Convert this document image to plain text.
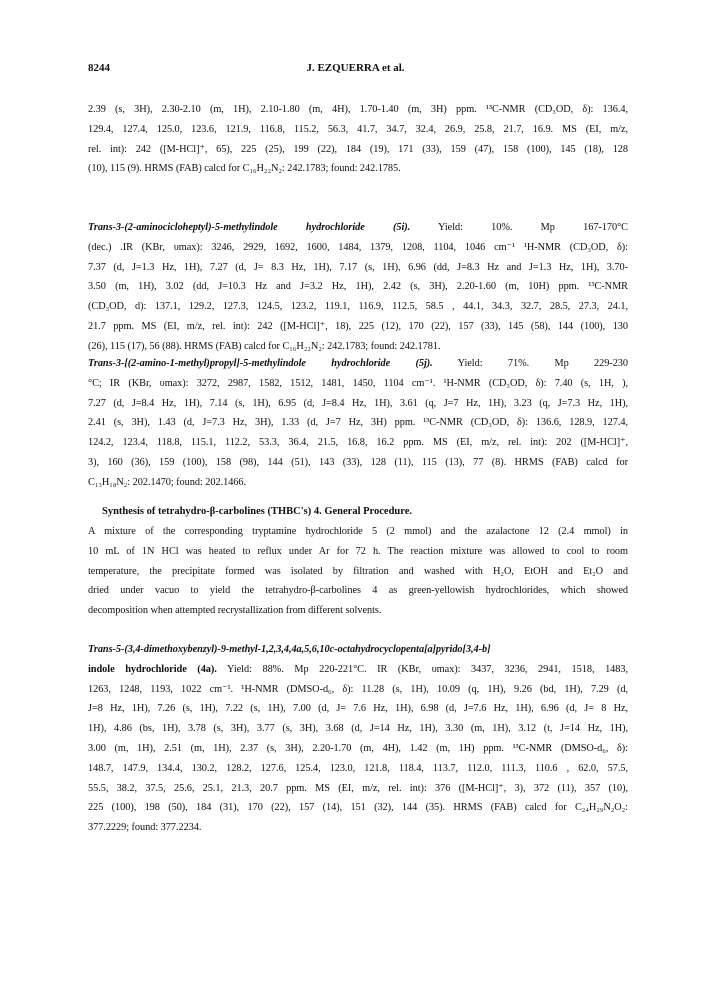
8244	J. EZQUERRA et al.
2.39 (s, 3H), 2.30-2.10 (m, 1H), 2.10-1.80 (m, 4H), 1.70-1.40 (m, 3H) ppm. ¹³C-NMR (CD₃OD, δ): 136.4,
129.4, 127.4, 125.0, 123.6, 121.9, 116.8, 115.2, 56.3, 41.7, 34.7, 32.4, 26.9, 25.8, 21.7, 16.9. MS (EI, m/z,
rel. int): 242 ([M-HCl]⁺, 65), 225 (25), 199 (22), 184 (19), 171 (33), 159 (47), 158 (100), 145 (18), 128
(10), 115 (9). HRMS (FAB) calcd for C₁₆H₂₂N₂: 242.1783; found: 242.1785.
Trans-3-(2-aminocicloheptyl)-5-methylindole hydrochloride (5i). Yield: 10%. Mp 167-170°C
(dec.) .IR (KBr, υmax): 3246, 2929, 1692, 1600, 1484, 1379, 1208, 1104, 1046 cm⁻¹ ¹H-NMR (CD₃OD, δ):
7.37 (d, J=1.3 Hz, 1H), 7.27 (d, J= 8.3 Hz, 1H), 7.17 (s, 1H), 6.96 (dd, J=8.3 Hz and J=1.3 Hz, 1H), 3.70-
3.50 (m, 1H), 3.02 (dd, J=10.3 Hz and J=3.2 Hz, 1H), 2.42 (s, 3H), 2.20-1.60 (m, 10H) ppm. ¹³C-NMR
(CD₃OD, d): 137.1, 129.2, 127.3, 124.5, 123.2, 119.1, 116.9, 112.5, 58.5 , 44.1, 34.3, 32.7, 28.5, 27.3, 24.1,
21.7 ppm. MS (EI, m/z, rel. int): 242 ([M-HCl]⁺, 18), 225 (12), 170 (22), 157 (33), 145 (58), 144 (100), 130
(26), 115 (17), 56 (88). HRMS (FAB) calcd for C₁₆H₂₂N₂: 242.1783; found: 242.1781.
Trans-3-[(2-amino-1-methyl)propyl]-5-methylindole hydrochloride (5j). Yield: 71%. Mp 229-230
°C; IR (KBr, υmax): 3272, 2987, 1582, 1512, 1481, 1450, 1104 cm⁻¹. ¹H-NMR (CD₃OD, δ): 7.40 (s, 1H, ),
7.27 (d, J=8.4 Hz, 1H), 7.14 (s, 1H), 6.95 (d, J=8.4 Hz, 1H), 3.61 (q, J=7 Hz, 1H), 3.23 (q, J=7.3 Hz, 1H),
2.41 (s, 3H), 1.43 (d, J=7.3 Hz, 3H), 1.33 (d, J=7 Hz, 3H) ppm. ¹³C-NMR (CD₃OD, δ): 136.6, 128.9, 127.4,
124.2, 123.4, 118.8, 115.1, 112.2, 53.3, 36.4, 21.5, 16.8, 16.2 ppm. MS (EI, m/z, rel. int): 202 ([M-HCl]⁺,
3), 160 (36), 159 (100), 158 (98), 144 (51), 143 (33), 128 (11), 115 (13), 77 (8). HRMS (FAB) calcd for
C₁₃H₁₈N₂: 202.1470; found: 202.1466.
Synthesis of tetrahydro-β-carbolines (THBC's) 4. General Procedure.
A mixture of the corresponding tryptamine hydrochloride 5 (2 mmol) and the azalactone 12 (2.4 mmol) in
10 mL of 1N HCl was heated to reflux under Ar for 72 h. The reaction mixture was allowed to cool to room
temperature, the precipitate formed was isolated by filtration and washed with H₂O, EtOH and Et₂O and
dried under vacuo to yield the tetrahydro-β-carbolines 4 as green-yellowish hydrochlorides, which showed
decomposition when attempted recrystallization from different solvents.
Trans-5-(3,4-dimethoxybenzyl)-9-methyl-1,2,3,4,4a,5,6,10c-octahydrocyclopenta[a]pyrido[3,4-b]
indole hydrochloride (4a). Yield: 88%. Mp 220-221°C. IR (KBr, υmax): 3437, 3236, 2941, 1518, 1483,
1263, 1248, 1193, 1022 cm⁻¹. ¹H-NMR (DMSO-d₆, δ): 11.28 (s, 1H), 10.09 (q, 1H), 9.26 (bd, 1H), 7.29 (d,
J=8 Hz, 1H), 7.26 (s, 1H), 7.22 (s, 1H), 7.00 (d, J= 7.6 Hz, 1H), 6.98 (d, J=7.6 Hz, 1H), 6.96 (d, J= 8 Hz,
1H), 4.86 (bs, 1H), 3.78 (s, 3H), 3.77 (s, 3H), 3.68 (d, J=14 Hz, 1H), 3.30 (m, 1H), 3.12 (t, J=14 Hz, 1H),
3.00 (m, 1H), 2.51 (m, 1H), 2.37 (s, 3H), 2.20-1.70 (m, 4H), 1.42 (m, 1H) ppm. ¹³C-NMR (DMSO-d₆, δ):
148.7, 147.9, 134.4, 130.2, 128.2, 127.6, 125.4, 123.0, 121.8, 118.4, 113.7, 112.0, 111.3, 110.6 , 62.0, 57.5,
55.5, 38.2, 37.5, 25.6, 25.1, 21.3, 20.7 ppm. MS (EI, m/z, rel. int): 376 ([M-HCl]⁺, 3), 372 (11), 357 (10),
225 (100), 198 (50), 184 (31), 170 (22), 157 (14), 151 (32), 144 (35). HRMS (FAB) calcd for C₂₄H₂₉N₂O₂:
377.2229; found: 377.2234.
